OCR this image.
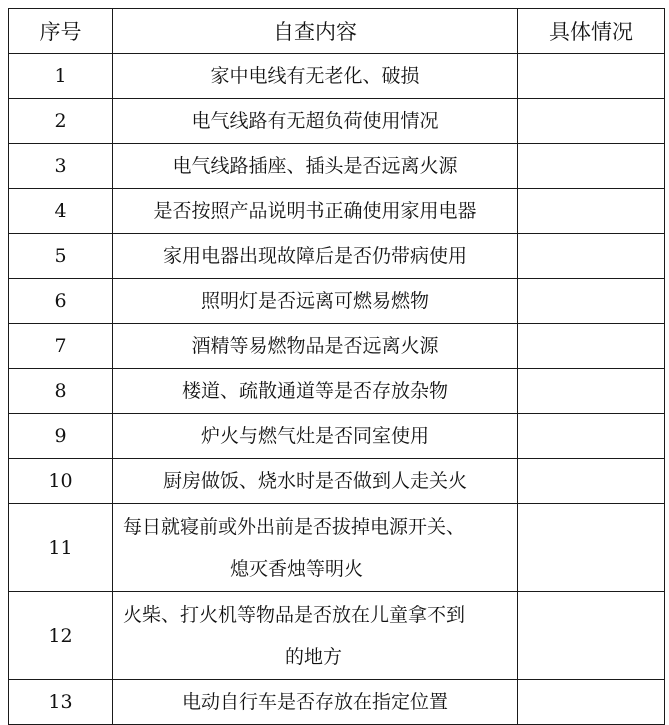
序号	自查内容	具体情况
1	家中电线有无老化、破损	
2	电气线路有无超负荷使用情况	
3	电气线路插座、插头是否远离火源	
4	是否按照产品说明书正确使用家用电器	
5	家用电器出现故障后是否仍带病使用	
6	照明灯是否远离可燃易燃物	
7	酒精等易燃物品是否远离火源	
8	楼道、疏散通道等是否存放杂物	
9	炉火与燃气灶是否同室使用	
10	厨房做饭、烧水时是否做到人走关火	
11	每日就寝前或外出前是否拔掉电源开关、
熄灭香烛等明火	
12	火柴、打火机等物品是否放在儿童拿不到
的地方	
13	电动自行车是否存放在指定位置	
